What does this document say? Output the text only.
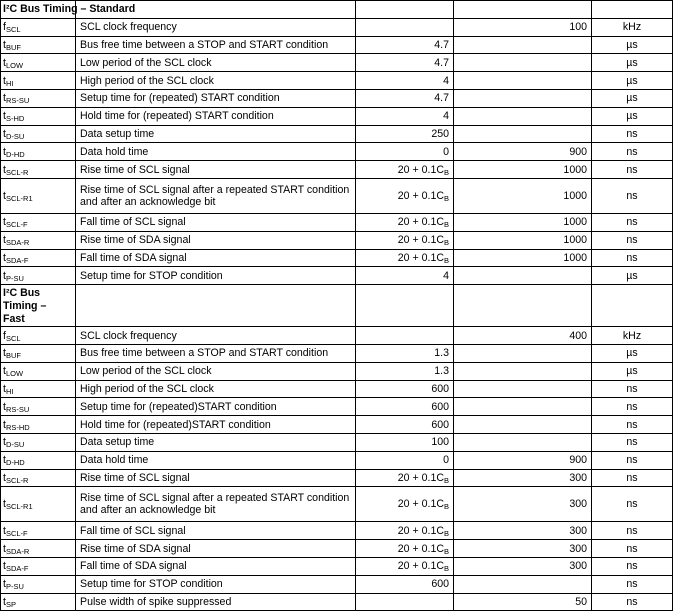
I²C Bus Timing – Standard				

$f_{SCL}$	SCL clock frequency		100	kHz
$t_{BUF}$	Bus free time between a STOP and START condition	4.7		µs
$t_{LOW}$	Low period of the SCL clock	4.7		µs
$t_{HI}$	High period of the SCL clock	4		µs
$t_{RS-SU}$	Setup time for (repeated) START condition	4.7		µs
$t_{S-HD}$	Hold time for (repeated) START condition	4		µs
$t_{D-SU}$	Data setup time	250		ns
$t_{D-HD}$	Data hold time	0	900	ns
$t_{SCL-R}$	Rise time of SCL signal	$20 + 0.1C_B$	1000	ns
$t_{SCL-R1}$	Rise time of SCL signal after a repeated START condition and after an acknowledge bit	$20 + 0.1C_B$	1000	ns
$t_{SCL-F}$	Fall time of SCL signal	$20 + 0.1C_B$	1000	ns
$t_{SDA-R}$	Rise time of SDA signal	$20 + 0.1C_B$	1000	ns
$t_{SDA-F}$	Fall time of SDA signal	$20 + 0.1C_B$	1000	ns
$t_{P-SU}$	Setup time for STOP condition	4		µs
I²C Bus Timing – Fast				
$f_{SCL}$	SCL clock frequency		400	kHz
$t_{BUF}$	Bus free time between a STOP and START condition	1.3		µs
$t_{LOW}$	Low period of the SCL clock	1.3		µs
$t_{HI}$	High period of the SCL clock	600		ns
$t_{RS-SU}$	Setup time for (repeated)START condition	600		ns
$t_{RS-HD}$	Hold time for (repeated)START condition	600		ns
$t_{D-SU}$	Data setup time	100		ns
$t_{D-HD}$	Data hold time	0	900	ns
$t_{SCL-R}$	Rise time of SCL signal	$20 + 0.1C_B$	300	ns
$t_{SCL-R1}$	Rise time of SCL signal after a repeated START condition and after an acknowledge bit	$20 + 0.1C_B$	300	ns
$t_{SCL-F}$	Fall time of SCL signal	$20 + 0.1C_B$	300	ns
$t_{SDA-R}$	Rise time of SDA signal	$20 + 0.1C_B$	300	ns
$t_{SDA-F}$	Fall time of SDA signal	$20 + 0.1C_B$	300	ns
$t_{P-SU}$	Setup time for STOP condition	600		ns
$t_{SP}$	Pulse width of spike suppressed		50	ns
